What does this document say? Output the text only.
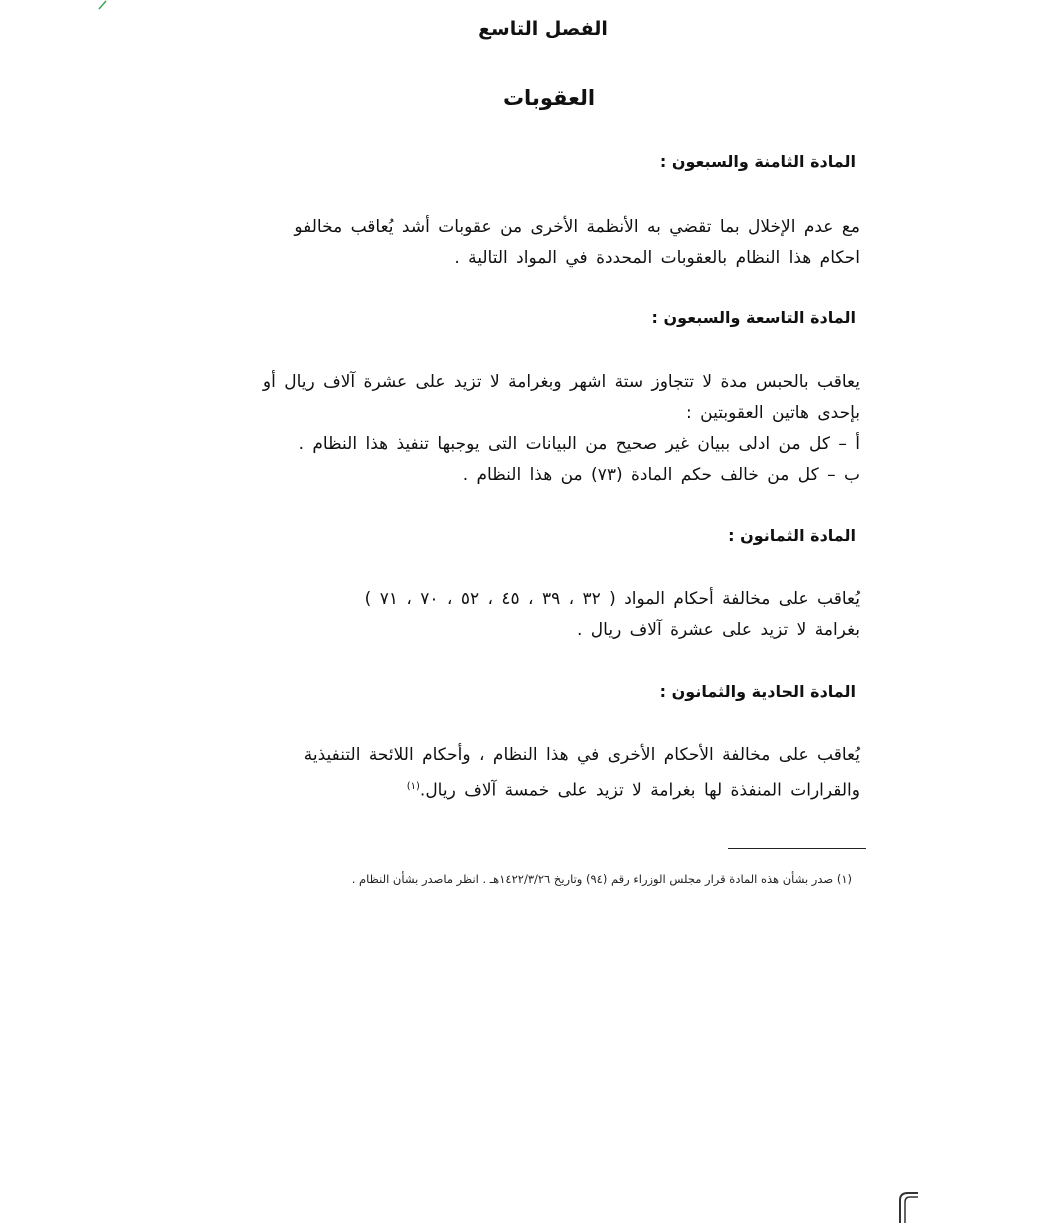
الفصل التاسع
العقوبات
المادة الثامنة والسبعون :
مع عدم الإخلال بما تقضي به الأنظمة الأخرى من عقوبات أشد يُعاقب مخالفو
احكام هذا النظام بالعقوبات المحددة في المواد التالية .
المادة التاسعة والسبعون :
يعاقب بالحبس مدة لا تتجاوز ستة اشهر وبغرامة لا تزيد على عشرة آلاف ريال أو
بإحدى هاتين العقوبتين :
أ – كل من ادلى ببيان غير صحيح من البيانات التى يوجبها تنفيذ هذا النظام .
ب – كل من خالف حكم المادة (٧٣) من هذا النظام .
المادة الثمانون :
يُعاقب على مخالفة أحكام المواد ( ٣٢ ، ٣٩ ، ٤٥ ، ٥٢ ، ٧٠ ، ٧١ )
بغرامة لا تزيد على عشرة آلاف ريال .
المادة الحادية والثمانون :
يُعاقب على مخالفة الأحكام الأخرى في هذا النظام ، وأحكام اللائحة التنفيذية
والقرارات المنفذة لها بغرامة لا تزيد على خمسة آلاف ريال.$^{(١)}$
(١) صدر بشأن هذه المادة قرار مجلس الوزراء رقم (٩٤) وتاريخ ١٤٢٢/٣/٢٦هـ . انظر ماصدر بشأن النظام .
